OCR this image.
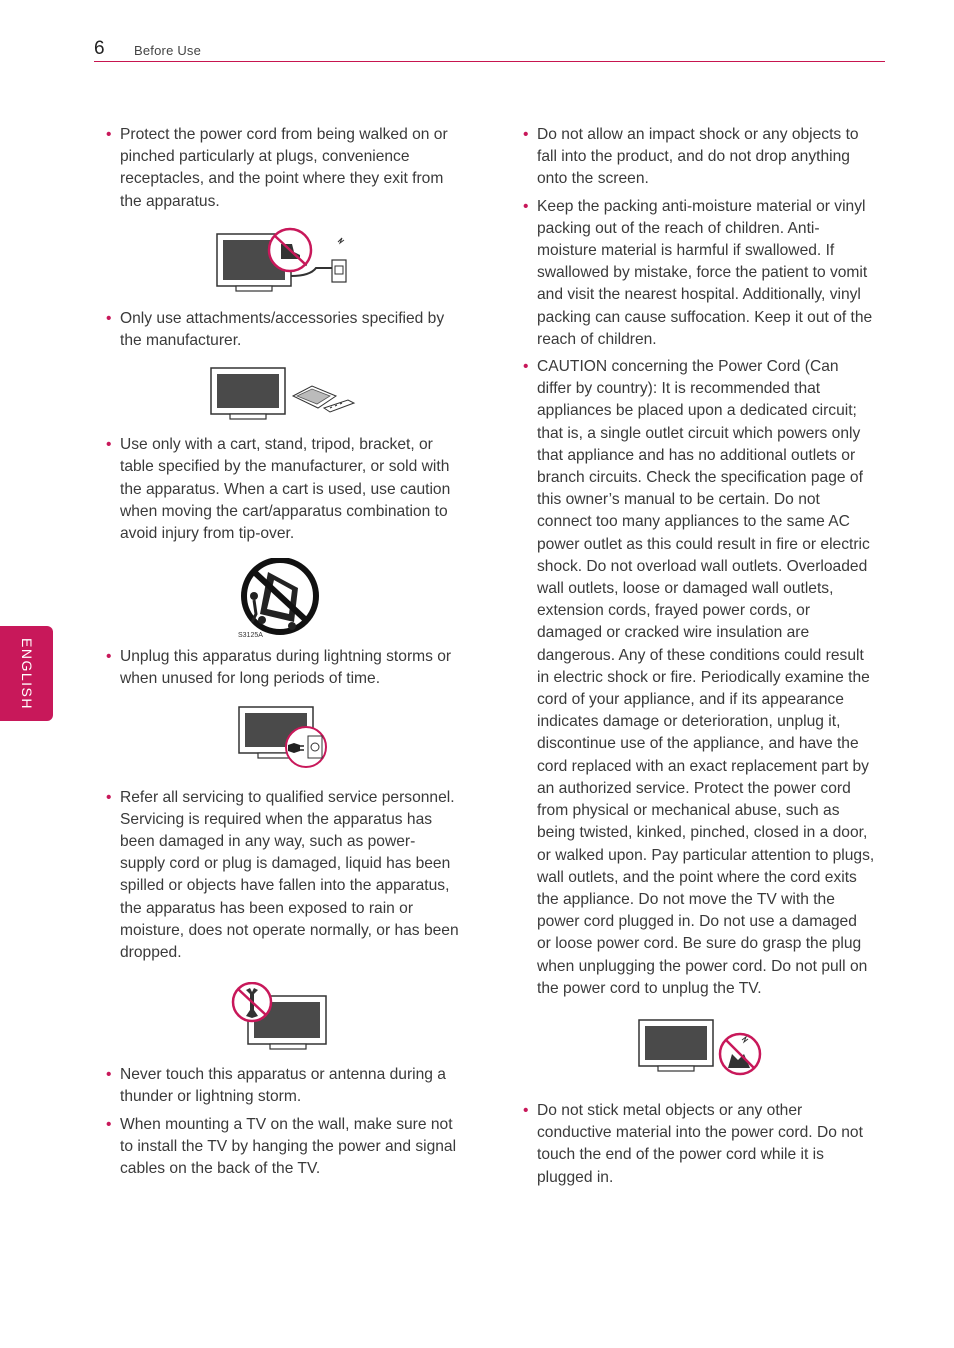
6 Before Use
ENGLISH
• Protect the power cord from being walked on or pinched particularly at plugs, convenience receptacles, and the point where they exit from the apparatus.
• Only use attachments/accessories specified by the manufacturer.
• Use only with a cart, stand, tripod, bracket, or table specified by the manufacturer, or sold with the apparatus. When a cart is used, use caution when moving the cart/apparatus combination to avoid injury from tip-over.
S3125A
• Unplug this apparatus during lightning storms or when unused for long periods of time.
• Refer all servicing to qualified service personnel. Servicing is required when the apparatus has been damaged in any way, such as power-supply cord or plug is damaged, liquid has been spilled or objects have fallen into the apparatus, the apparatus has been exposed to rain or moisture, does not operate normally, or has been dropped.
• Never touch this apparatus or antenna during a thunder or lightning storm.
• When mounting a TV on the wall, make sure not to install the TV by hanging the power and signal cables on the back of the TV.
• Do not allow an impact shock or any objects to fall into the product, and do not drop anything onto the screen.
• Keep the packing anti-moisture material or vinyl packing out of the reach of children. Anti-moisture material is harmful if swallowed. If swallowed by mistake, force the patient to vomit and visit the nearest hospital. Additionally, vinyl packing can cause suffocation. Keep it out of the reach of children.
• CAUTION concerning the Power Cord (Can differ by country): It is recommended that appliances be placed upon a dedicated circuit; that is, a single outlet circuit which powers only that appliance and has no additional outlets or branch circuits. Check the specification page of this owner’s manual to be certain. Do not connect too many appliances to the same AC power outlet as this could result in fire or electric shock. Do not overload wall outlets. Overloaded wall outlets, loose or damaged wall outlets, extension cords, frayed power cords, or damaged or cracked wire insulation are dangerous. Any of these conditions could result in electric shock or fire. Periodically examine the cord of your appliance, and if its appearance indicates damage or deterioration, unplug it, discontinue use of the appliance, and have the cord replaced with an exact replacement part by an authorized service. Protect the power cord from physical or mechanical abuse, such as being twisted, kinked, pinched, closed in a door, or walked upon. Pay particular attention to plugs, wall outlets, and the point where the cord exits the appliance. Do not move the TV with the power cord plugged in. Do not use a damaged or loose power cord. Be sure do grasp the plug when unplugging the power cord. Do not pull on the power cord to unplug the TV.
• Do not stick metal objects or any other conductive material into the power cord. Do not touch the end of the power cord while it is plugged in.
